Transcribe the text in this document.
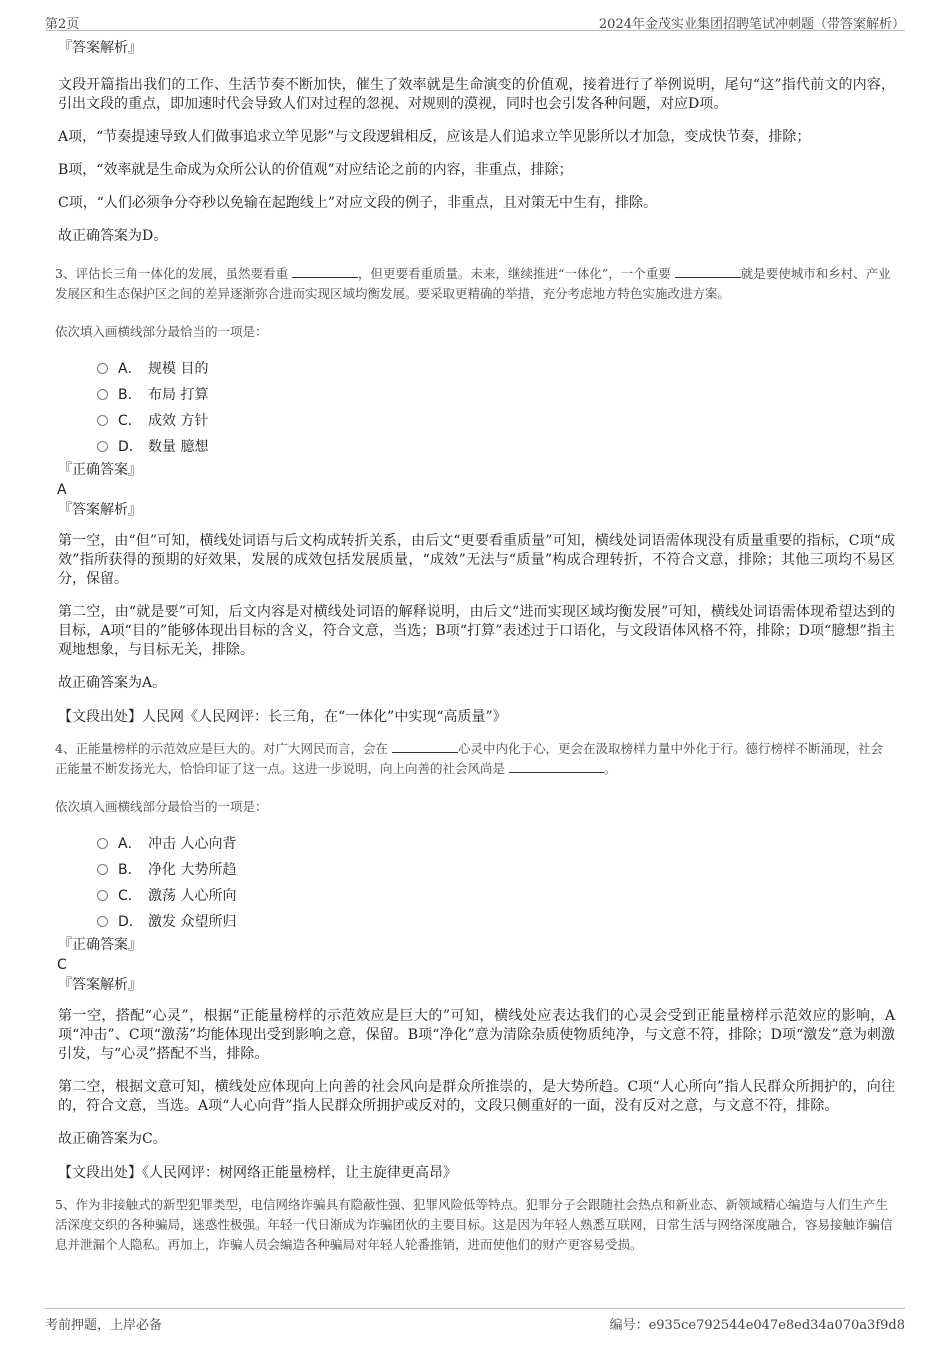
第2页	2024年金茂实业集团招聘笔试冲刺题（带答案解析）
『答案解析』

文段开篇指出我们的工作、生活节奏不断加快，催生了效率就是生命演变的价值观，接着进行了举例说明，尾句“这”指代前文的内容，引出文段的重点，即加速时代会导致人们对过程的忽视、对规则的漠视，同时也会引发各种问题，对应D项。

A项，“节奏提速导致人们做事追求立竿见影”与文段逻辑相反，应该是人们追求立竿见影所以才加急，变成快节奏，排除；

B项，“效率就是生命成为众所公认的价值观”对应结论之前的内容，非重点，排除；

C项，“人们必须争分夺秒以免输在起跑线上”对应文段的例子，非重点，且对策无中生有，排除。

故正确答案为D。

3、评估长三角一体化的发展，虽然要看重	，但更要看重质量。未来，继续推进“一体化”，一个重要	就是要使城市和乡村、产业发展区和生态保护区之间的差异逐渐弥合进而实现区域均衡发展。要采取更精确的举措，充分考虑地方特色实施改进方案。

依次填入画横线部分最恰当的一项是：

A． 规模 目的
B． 布局 打算
C． 成效 方针
D． 数量 臆想
『正确答案』
A
『答案解析』

第一空，由“但”可知，横线处词语与后文构成转折关系，由后文“更要看重质量”可知，横线处词语需体现没有质量重要的指标，C项“成效”指所获得的预期的好效果，发展的成效包括发展质量，“成效”无法与“质量”构成合理转折，不符合文意，排除；其他三项均不易区分，保留。

第二空，由“就是要”可知，后文内容是对横线处词语的解释说明，由后文“进而实现区域均衡发展”可知，横线处词语需体现希望达到的目标，A项“目的”能够体现出目标的含义，符合文意，当选；B项“打算”表述过于口语化，与文段语体风格不符，排除；D项“臆想”指主观地想象，与目标无关，排除。

故正确答案为A。

【文段出处】人民网《人民网评：长三角，在“一体化”中实现“高质量”》

4、正能量榜样的示范效应是巨大的。对广大网民而言，会在	心灵中内化于心，更会在汲取榜样力量中外化于行。德行榜样不断涌现，社会正能量不断发扬光大，恰恰印证了这一点。这进一步说明，向上向善的社会风尚是	。

依次填入画横线部分最恰当的一项是：

A． 冲击 人心向背
B． 净化 大势所趋
C． 激荡 人心所向
D． 激发 众望所归
『正确答案』
C
『答案解析』

第一空，搭配“心灵”，根据“正能量榜样的示范效应是巨大的”可知，横线处应表达我们的心灵会受到正能量榜样示范效应的影响，A项“冲击”、C项“激荡”均能体现出受到影响之意，保留。B项“净化”意为清除杂质使物质纯净，与文意不符，排除；D项“激发”意为刺激引发，与“心灵”搭配不当，排除。

第二空，根据文意可知，横线处应体现向上向善的社会风向是群众所推崇的，是大势所趋。C项“人心所向”指人民群众所拥护的，向往的，符合文意，当选。A项“人心向背”指人民群众所拥护或反对的，文段只侧重好的一面，没有反对之意，与文意不符，排除。

故正确答案为C。

【文段出处】《人民网评：树网络正能量榜样，让主旋律更高昂》

5、作为非接触式的新型犯罪类型，电信网络诈骗具有隐蔽性强、犯罪风险低等特点。犯罪分子会跟随社会热点和新业态、新领域精心编造与人们生产生活深度交织的各种骗局，迷惑性极强。年轻一代日渐成为诈骗团伙的主要目标。这是因为年轻人熟悉互联网，日常生活与网络深度融合，容易接触诈骗信息并泄漏个人隐私。再加上，诈骗人员会编造各种骗局对年轻人轮番推销，进而使他们的财产更容易受损。

考前押题，上岸必备	编号：e935ce792544e047e8ed34a070a3f9d8
